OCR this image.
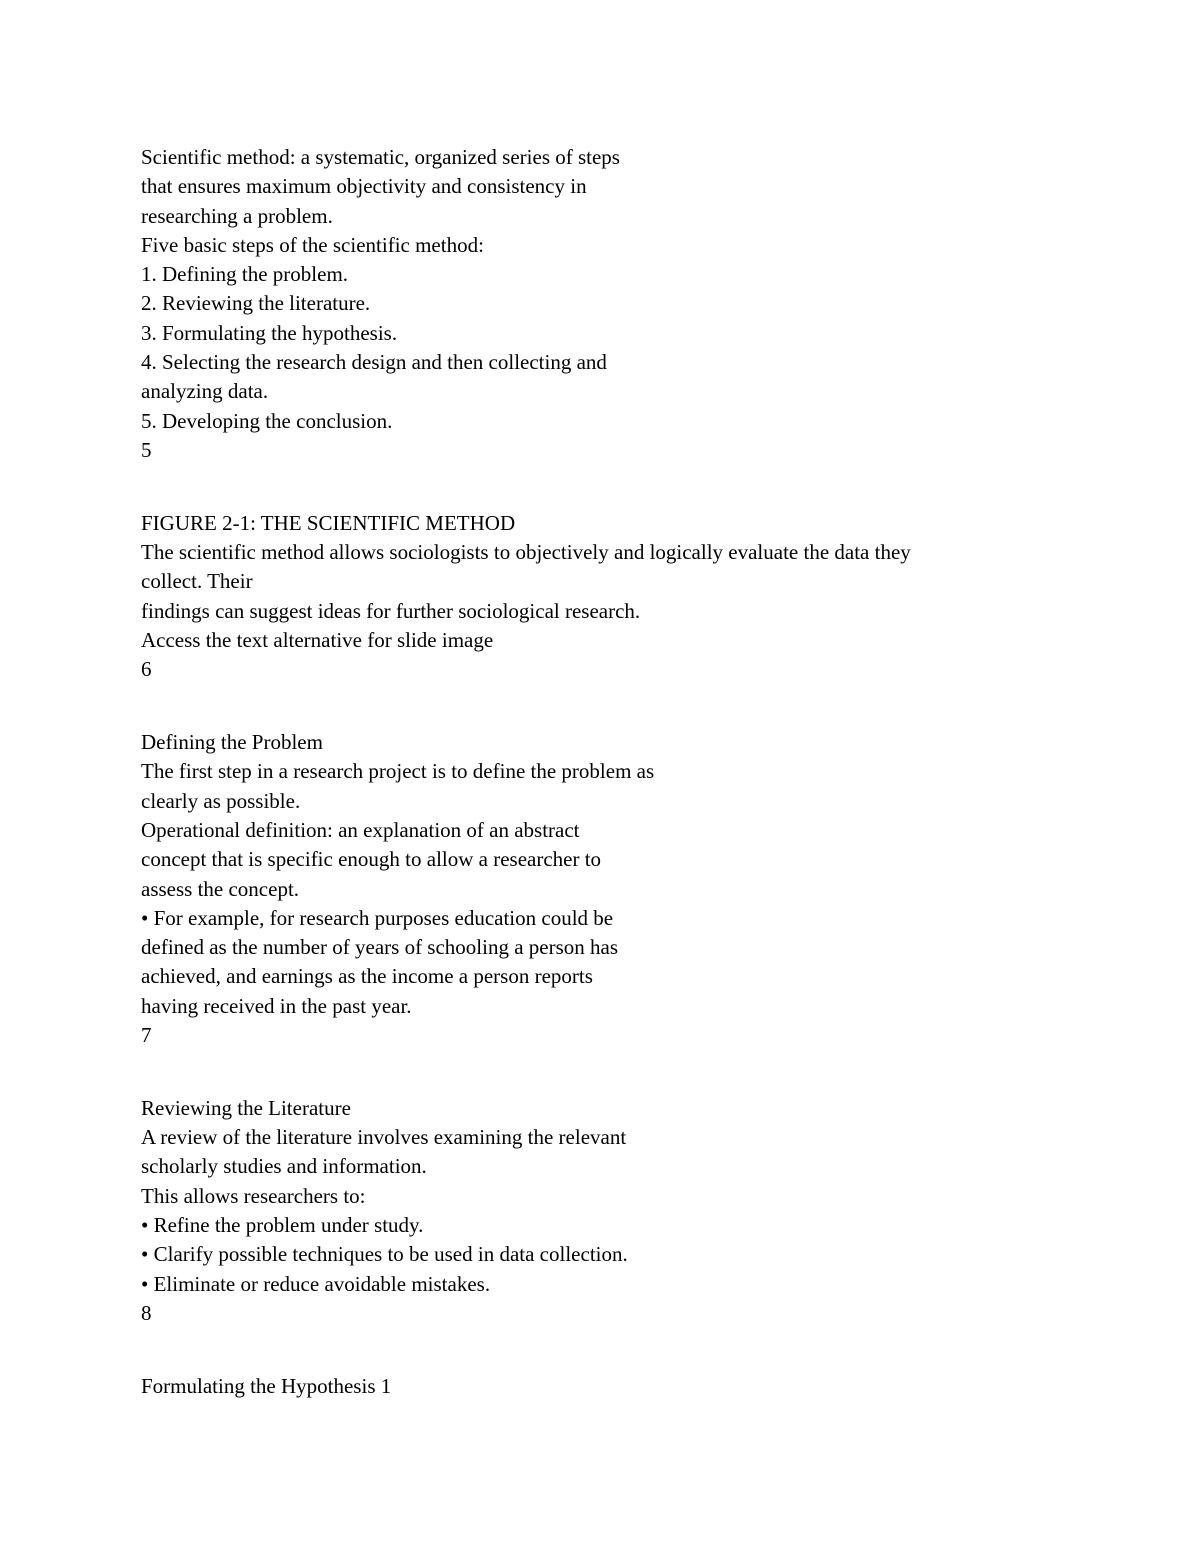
Scientific method: a systematic, organized series of steps
that ensures maximum objectivity and consistency in
researching a problem.
Five basic steps of the scientific method:
1. Defining the problem.
2. Reviewing the literature.
3. Formulating the hypothesis.
4. Selecting the research design and then collecting and
analyzing data.
5. Developing the conclusion.
5
FIGURE 2-1: THE SCIENTIFIC METHOD
The scientific method allows sociologists to objectively and logically evaluate the data they
collect. Their
findings can suggest ideas for further sociological research.
Access the text alternative for slide image
6
Defining the Problem
The first step in a research project is to define the problem as
clearly as possible.
Operational definition: an explanation of an abstract
concept that is specific enough to allow a researcher to
assess the concept.
• For example, for research purposes education could be
defined as the number of years of schooling a person has
achieved, and earnings as the income a person reports
having received in the past year.
7
Reviewing the Literature
A review of the literature involves examining the relevant
scholarly studies and information.
This allows researchers to:
• Refine the problem under study.
• Clarify possible techniques to be used in data collection.
• Eliminate or reduce avoidable mistakes.
8
Formulating the Hypothesis 1
